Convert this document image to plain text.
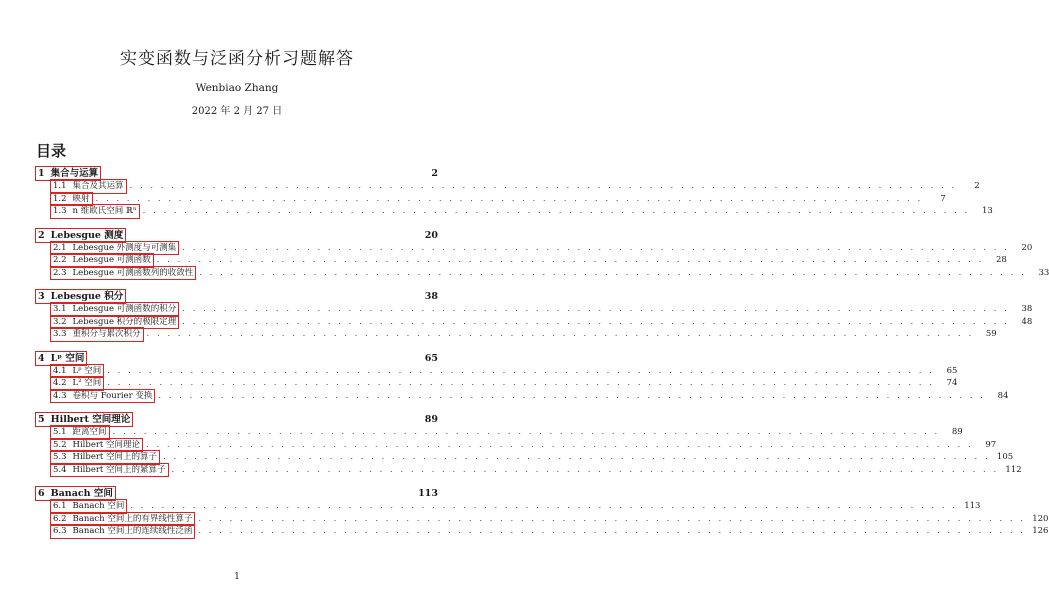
实变函数与泛函分析习题解答
Wenbiao Zhang
2022 年 2 月 27 日
目录
1 集合与运算	2
1.1 集合及其运算 . . . . . . . . . . . . . . . . . . . . . . . . . . . . . . . . . . . . . . . . . . . . . . . . . . . . . . . . . . . . . . . . . . . . . . . . . . . . . . . .	2
1.2 映射 . . . . . . . . . . . . . . . . . . . . . . . . . . . . . . . . . . . . . . . . . . . . . . . . . . . . . . . . . . . . . . . . . . . . . . . . . . . . . . . .	7
1.3 n 维欧氏空间 ℝⁿ . . . . . . . . . . . . . . . . . . . . . . . . . . . . . . . . . . . . . . . . . . . . . . . . . . . . . . . . . . . . . . . . . . . . . . . . . . . . . . . .	13
2 Lebesgue 测度	20
2.1 Lebesgue 外测度与可测集 . . . . . . . . . . . . . . . . . . . . . . . . . . . . . . . . . . . . . . . . . . . . . . . . . . . . . . . . . . . . . . . . . . . . . . . . . . . . . . . .	20
2.2 Lebesgue 可测函数 . . . . . . . . . . . . . . . . . . . . . . . . . . . . . . . . . . . . . . . . . . . . . . . . . . . . . . . . . . . . . . . . . . . . . . . . . . . . . . . .	28
2.3 Lebesgue 可测函数列的收敛性 . . . . . . . . . . . . . . . . . . . . . . . . . . . . . . . . . . . . . . . . . . . . . . . . . . . . . . . . . . . . . . . . . . . . . . . . . . . . . . . .	33
3 Lebesgue 积分	38
3.1 Lebesgue 可测函数的积分 . . . . . . . . . . . . . . . . . . . . . . . . . . . . . . . . . . . . . . . . . . . . . . . . . . . . . . . . . . . . . . . . . . . . . . . . . . . . . . . .	38
3.2 Lebesgue 积分的极限定理 . . . . . . . . . . . . . . . . . . . . . . . . . . . . . . . . . . . . . . . . . . . . . . . . . . . . . . . . . . . . . . . . . . . . . . . . . . . . . . . .	48
3.3 重积分与累次积分 . . . . . . . . . . . . . . . . . . . . . . . . . . . . . . . . . . . . . . . . . . . . . . . . . . . . . . . . . . . . . . . . . . . . . . . . . . . . . . . .	59
4 Lᵖ 空间	65
4.1 Lᵖ 空间 . . . . . . . . . . . . . . . . . . . . . . . . . . . . . . . . . . . . . . . . . . . . . . . . . . . . . . . . . . . . . . . . . . . . . . . . . . . . . . . .	65
4.2 L² 空间 . . . . . . . . . . . . . . . . . . . . . . . . . . . . . . . . . . . . . . . . . . . . . . . . . . . . . . . . . . . . . . . . . . . . . . . . . . . . . . . .	74
4.3 卷积与 Fourier 变换 . . . . . . . . . . . . . . . . . . . . . . . . . . . . . . . . . . . . . . . . . . . . . . . . . . . . . . . . . . . . . . . . . . . . . . . . . . . . . . . .	84
5 Hilbert 空间理论	89
5.1 距离空间 . . . . . . . . . . . . . . . . . . . . . . . . . . . . . . . . . . . . . . . . . . . . . . . . . . . . . . . . . . . . . . . . . . . . . . . . . . . . . . . .	89
5.2 Hilbert 空间理论 . . . . . . . . . . . . . . . . . . . . . . . . . . . . . . . . . . . . . . . . . . . . . . . . . . . . . . . . . . . . . . . . . . . . . . . . . . . . . . . .	97
5.3 Hilbert 空间上的算子 . . . . . . . . . . . . . . . . . . . . . . . . . . . . . . . . . . . . . . . . . . . . . . . . . . . . . . . . . . . . . . . . . . . . . . . . . . . . . . . . 105
5.4 Hilbert 空间上的紧算子 . . . . . . . . . . . . . . . . . . . . . . . . . . . . . . . . . . . . . . . . . . . . . . . . . . . . . . . . . . . . . . . . . . . . . . . . . . . . . . . . 112
6 Banach 空间	113
6.1 Banach 空间 . . . . . . . . . . . . . . . . . . . . . . . . . . . . . . . . . . . . . . . . . . . . . . . . . . . . . . . . . . . . . . . . . . . . . . . . . . . . . . . . 113
6.2 Banach 空间上的有界线性算子 . . . . . . . . . . . . . . . . . . . . . . . . . . . . . . . . . . . . . . . . . . . . . . . . . . . . . . . . . . . . . . . . . . . . . . . . . . . . . . . . 120
6.3 Banach 空间上的连续线性泛函 . . . . . . . . . . . . . . . . . . . . . . . . . . . . . . . . . . . . . . . . . . . . . . . . . . . . . . . . . . . . . . . . . . . . . . . . . . . . . . . . 126
1
